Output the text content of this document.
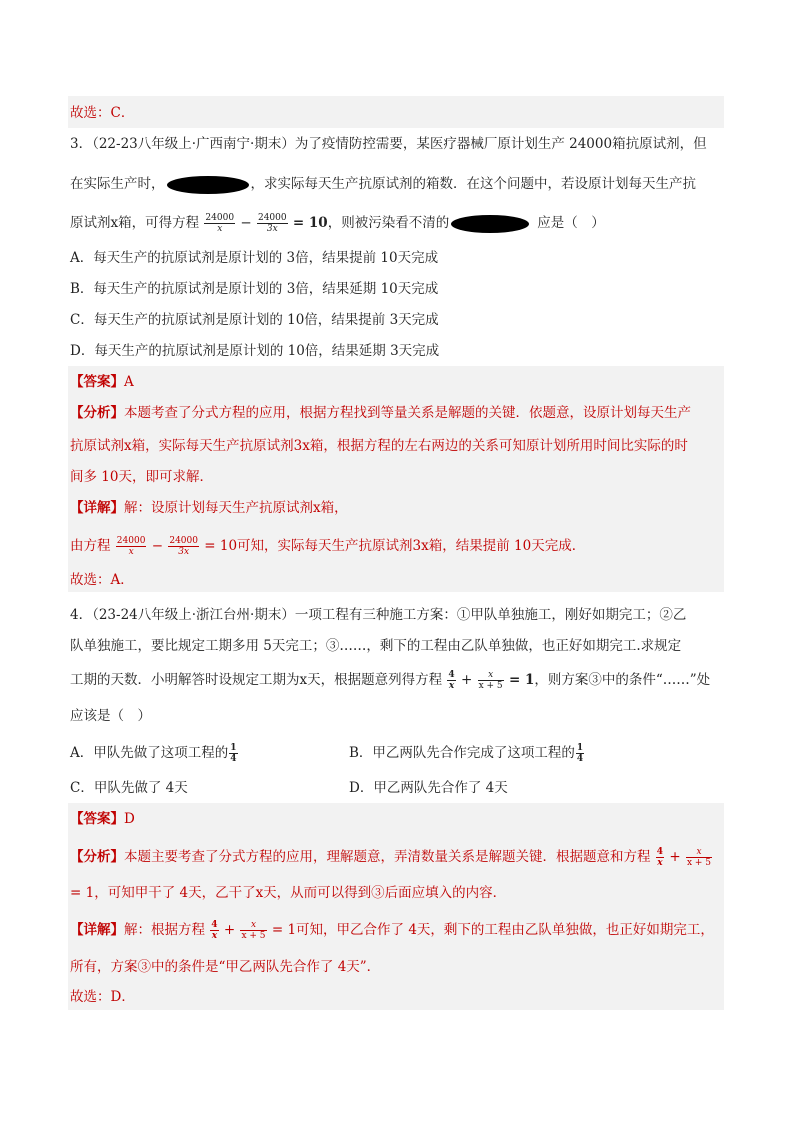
故选：C．
3．（22-23八年级上·广西南宁·期末）为了疫情防控需要，某医疗器械厂原计划生产 24000箱抗原试剂，但
在实际生产时，	，求实际每天生产抗原试剂的箱数．在这个问题中，若设原计划每天生产抗
原试剂x箱，可得方程 $\frac{24000}{x} - \frac{24000}{3x} = 10$，则被污染看不清的	应是（　）
A．每天生产的抗原试剂是原计划的 3倍，结果提前 10天完成
B．每天生产的抗原试剂是原计划的 3倍，结果延期 10天完成
C．每天生产的抗原试剂是原计划的 10倍，结果提前 3天完成
D．每天生产的抗原试剂是原计划的 10倍，结果延期 3天完成
【答案】A
【分析】本题考查了分式方程的应用，根据方程找到等量关系是解题的关键．依题意，设原计划每天生产
抗原试剂x箱，实际每天生产抗原试剂3x箱，根据方程的左右两边的关系可知原计划所用时间比实际的时
间多 10天，即可求解．
【详解】解：设原计划每天生产抗原试剂x箱，
由方程 $\frac{24000}{x} - \frac{24000}{3x} = 10$可知，实际每天生产抗原试剂3x箱，结果提前 10天完成．
故选：A．
4．（23-24八年级上·浙江台州·期末）一项工程有三种施工方案：①甲队单独施工，刚好如期完工；②乙
队单独施工，要比规定工期多用 5天完工；③……，剩下的工程由乙队单独做，也正好如期完工.求规定
工期的天数．小明解答时设规定工期为x天，根据题意列得方程 $\frac{4}{x} + \frac{x}{x + 5} = 1$，则方案③中的条件“……”处
应该是（　）
A．甲队先做了这项工程的 $\frac{1}{4}$	B．甲乙两队先合作完成了这项工程的 $\frac{1}{4}$
C．甲队先做了 4天	D．甲乙两队先合作了 4天
【答案】D
【分析】本题主要考查了分式方程的应用，理解题意，弄清数量关系是解题关键．根据题意和方程 $\frac{4}{x} + \frac{x}{x + 5}$
= 1，可知甲干了 4天，乙干了x天，从而可以得到③后面应填入的内容．
【详解】解：根据方程 $\frac{4}{x} + \frac{x}{x + 5} = 1$可知，甲乙合作了 4天，剩下的工程由乙队单独做，也正好如期完工，
所有，方案③中的条件是“甲乙两队先合作了 4天”．
故选：D．
